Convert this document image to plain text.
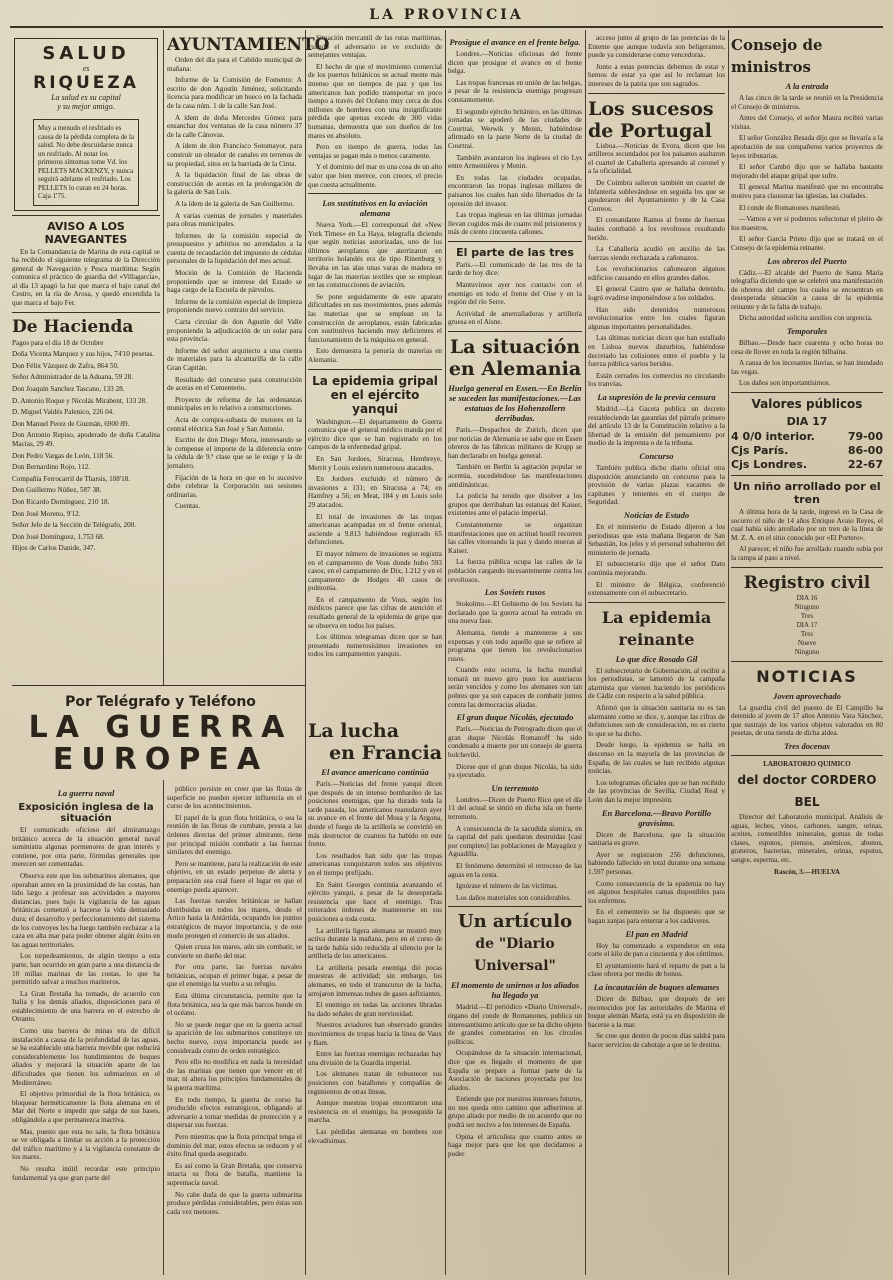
LA PROVINCIA
SALUD
es
RIQUEZA
La salud es su capital
y su mejor amigo.
Muy a menudo el resfriado es causa de la pérdida completa de la salud. No debe descuidarse nunca un resfriado. Al notar los primeros síntomas tome Vd. los PELLETS MACKENZY, y nunca seguirá adelante el resfriado. Los PELLETS lo curan en 24 horas. Caja 1'75.
AVISO A LOS NAVEGANTES

En la Comandancia de Marina de esta capital se ha recibido el siguiente telegrama de la Dirección general de Navegación y Pesca marítima: Según comunica el práctico de guardia del «Villagarcía», al día 13 apagó la luz que marca el bajo canal del Cestro, en la ría de Arosa, y quedó encendida la que marca el bajo Fer.

De Hacienda

Pagos para el día 18 de Octubre

Doña Vicenta Marquez y sus hijos, 74'10 pesetas.

Don Félix Vázquez de Zafra, 864 50.

Señor Administrador de la Aduana, 59 28.

Don Joaquín Sanchez Tascano, 133 28.

D. Antonio Roque y Nicolás Mirabent, 133 28.

D. Miguel Valdés Palenico, 226 04.

Don Manuel Perez de Guzmán, 6900 89.

Don Antonio Repiso, apoderado de doña Catalina Macías, 29 49.

Don Pedro Vargas de León, 118 56.

Don Bernardino Rojo, 112.

Compañía Ferrocarril de Tharsis, 108'18.

Don Guillermo Núñez, 587 38.

Don Ricardo Domínguez, 210 18.

Don José Moreno, 9'12.

Señor Jefe de la Sección de Telégrafo, 200.

Don José Domínguez, 1.753 68.

Hijos de Carlos Danide, 347.

AYUNTAMIENTO

Orden del día para el Cabildo municipal de mañana:

Informe de la Comisión de Fomento: A escrito de don Agustín Jiménez, solicitando licencia para modificar un hueco en la fachada de la casa núm. 1 de la calle San José.

A ídem de doña Mercedes Gómez para ensanchar dos ventanas de la casa número 37 de la calle Cánovas.

A ídem de don Francisco Sotomayor, para construir un obrador de canales en terrenos de su propiedad, sitos en la barriada de la Cinta.

A la liquidación final de las obras de construcción de aceras en la prolongación de la galería de San Luis.

A la ídem de la galería de San Guillermo.

A varias cuentas de jornales y materiales para obras municipales.

Informes de la comisión especial de presupuestos y arbitrios no arrendados a la cuenta de recaudación del impuesto de cédulas personales de la liquidación del mes actual.

Moción de la Comisión de Hacienda proponiendo que se interese del Estado se haga cargo de la Escuela de párvulos.

Informe de la comisión especial de limpieza proponiendo nuevo contrato del servicio.

Carta circular de don Agustín del Valle proponiendo la adjudicación de un solar para esta provincia.

Informe del señor arquitecto a una cuenta de materiales para la alcantarilla de la calle Gran Capitán.

Resultado del concurso para construcción de aceras en el Cementerio.

Proyecto de reforma de las ordenanzas municipales en lo relativo a construcciones.

Acta de compra-subasta de motores en la central eléctrica San José y San Antonio.

Escrito de don Diego Mora, interesando se le compense el importe de la diferencia entre la cédula de 9.ª clase que se le exige y la de jornalero.

Fijación de la hora en que en lo sucesivo debe celebrar la Corporación sus sesiones ordinarias.

Cuentas.

Por Telégrafo y Teléfono
LA GUERRA
EUROPEA
La guerra naval
Exposición inglesa de la situación

El comunicado oficioso del almirantazgo británico acerca de la situación general naval suministra algunas pormenores de gran interés y contiene, por otra parte, fórmulas generales que merecen ser comentadas.

Observa este que los submarinos alemanes, que operaban antes en la proximidad de las costas, han tido largo a profesar sus actividades a mayores distancias, pues bajo la vigilancia de las aguas británicas comenzó a hacerse la vida demasiado dura; el desarrollo y perfeccionamiento del sistema de los convoyes les ha luego también rechazar a la caza en alta mar para poder obtener algún éxito en las aguas territoriales.

Los torpedeamientos, de algún tiempo a esta parte, han ocurrido en gran parte a una distancia de 10 millas marinas de las costas, lo que ha permitido salvar a muchos marineros.

La Gran Bretaña ha tomado, de acuerdo con Italia y los demás aliados, disposiciones para el establecimiento de una barrera en el estrecho de Otranto.

Como una barrera de minas era de difícil instalación a causa de la profundidad de las aguas, se ha establecido una barrera movible que reducirá considerablemente los hundimientos de buques aliados y mejorará la situación aparte de las dificultades que tienen los submarinos en el Mediterráneo.

El objetivo primordial de la flota británica, es bloquear herméticamente la flota alemana en el Mar del Norte e impedir que salga de sus bases, obligándola a que permanezca inactiva.

Mas, puesto que esta no sale, la flota británica se ve obligada a limitar su acción a la protección del tráfico marítimo y a la vigilancia constante de los mares.

No resulta inútil recordar este principio fundamental ya que gran parte del

público persiste en creer que las flotas de superficie no pueden ejercer influencia en el curso de los acontecimientos.

El papel de la gran flota británica, o sea la reunión de las flotas de combate, presta a las órdenes directas del primer almirante, tiene por principal misión combatir a las fuerzas similares del enemigo.

Pero se mantiene, para la realización de este objetivo, en un estado perpetuo de alerta y preparación sea cual fuere el lugar en que el enemigo pueda aparecer.

Las fuerzas navales británicas se hallan distribuidas en todos los mares, desde el Ártico hasta la Antártida, ocupando los puntos estratégicos de mayor importancia, y de este modo protegen el comercio de sus aliados.

Quien cruza los mares, aún sin combatir, se convierte en dueño del mar.

Por otra parte, las fuerzas navales británicas, ocupan el primer lugar, a pesar de que el enemigo ha vuelto a su refugio.

Esta última circunstancia, permite que la flota británica, sea la que más barcos hunde en el océano.

No se puede negar que en la guerra actual la aparición de los submarinos constituye un hecho nuevo, cuya importancia puede ser considerada como de orden estratégico.

Pero ello no modifica en nada la necesidad de las marinas que tienen que vencer en el mar, ni altera los principios fundamentales de la guerra marítima.

En todo tiempo, la guerra de corso ha producido efectos estratégicos, obligando al adversario a tomar medidas de protección y a dispersar sus fuerzas.

Pero mientras que la flota principal tenga el dominio del mar, estos efectos se reducen y el éxito final queda asegurado.

Es así como la Gran Bretaña, que conserva intacta su flota de batalla, mantiene la supremacía naval.

No cabe duda de que la guerra submarina produce pérdidas considerables, pero éstas son cada vez menores.

Situación mercantil de las rutas marítimas, cuando el adversario se ve excluido de semejantes ventajas.

El hecho de que el movimiento comercial de los puertos británicos se actual mente más intenso que en tiempos de paz y que los americanos han podido transportar en poco tiempo a través del Océano muy cerca de dos millones de hombres con una insignificante pérdida que apenas excede de 300 vidas humanas, demuestra que son dueños de los mares en absoluto.

Pero en tiempo de guerra, todas las ventajas se pagan más o menos caramente.

Y el dominio del mar es una cosa de un alto valor que bien merece, con creces, el precio que cuesta actualmente.

Los sustitutivos en la aviación alemana

Nueva York.—El corresponsal del «New York Times» en La Haya, telegrafía diciendo que según noticias autorizadas, uno de los últimos aeroplanos que aterrizaron en territorio holandés era de tipo Rinenburg y llevaba en las alas unas varas de madera en lugar de las materias textiles que se emplean en las construcciones de aviación.

Se pone seguidamente de este aparato dificultades en sus movimientos, pues además las materias que se emplean en la construcción de aeroplanos, están fabricadas con sustitutivos haciendo muy deficientes el funcionamiento de la máquina en general.

Esto demuestra la penuria de materias en Alemania.

La epidemia gripal en el ejército yanqui

Washington.—El departamento de Guerra comunica que el general médico manda por el ejército dice que se han registrado en los campos de la enfermedad gripal.

En San Jordoes, Siracusa, Hembreye, Merrit y Louis existen numerosos atacados.

En Jordoes excluido el número de invasiones a 131; en Siracusa a 74; en Hamfrey a 56; en Meat, 184 y en Louis solo 29 atacados.

El total de invasiones de las tropas americanas acampadas en el frente oriental, asciende a 9.813 habiéndose registrado 65 defunciones.

El mayor número de invasiones se registra en el campamento de Vous donde hubo 593 casos; en el campamento de Dix, 1.212 y en el campamento de Hodges 40 casos de pulmonía.

En el campamento de Vous, según los médicos parece que las cifras de atención el resultado general de la epidemia de gripe que se observa en todos los países.

Los últimos telegramas dicen que se han presentado numerosísimos invasiones en todos los campamentos yanquis.

La lucha
en Francia
El avance americano continúa

París.—Noticias del frente yanqui dicen que después de un intenso bombardeo de las posiciones enemigas, que ha durado toda la tarde pasada, los americanos reanudaron ayer su avance en el frente del Mosa y la Argona, donde el fuego de la artillería se convirtió en más destructor de cuantos ha habido en este frente.

Los resultados han sido que las tropas americanas conquistaron todos sus objetivos en el tiempo prefijado.

En Saint Georges continúa avanzando el ejército yanqui, a pesar de la desesperada resistencia que hace el enemigo. Tras reiterados órdenes de mantenerse en sus posiciones a toda costa.

La artillería ligera alemana se mostró muy activa durante la mañana, pero en el curso de la tarde había sido reducida al silencio por la artillería de los americanos.

La artillería pesada enemiga dió pocas muestras de actividad; sin embargo, los alemanes, en todo el transcurso de la lucha, arrojaron inmensas nubes de gases asfixiantes.

El enemigo en todas las acciones libradas ha dado señales de gran nerviosidad.

Nuestros aviadores han observado grandes movimientos de tropas hacia la línea de Vaux y Bam.

Entre las fuerzas enemigas rechazadas hay una división de la Guardia imperial.

Los alemanes tratan de robustecer sus posiciones con batallones y compañías de regimientos de otras líneas.

Aunque nuestras tropas encontraron una resistencia en el enemigo, ha proseguido la marcha.

Las pérdidas alemanas en hombres son elevadísimas.

Prosigue el avance en el frente belga.

Londres.—Noticias oficiosas del frente dicen que prosigue el avance en el frente belga.

Las tropas francesas en unión de las belgas, a pesar de la resistencia enemiga progresan constantemente.

El segundo ejército británico, en las últimas jornadas se apoderó de las ciudades de Courtrai, Werwik y Menin, habiéndose afirmado en la parte Norte de la ciudad de Courtrai.

También avanzaron los ingleses el río Lys entre Armentières y Menin.

En todas las ciudades ocupadas, encontraron las tropas inglesas millares de paisanos los cuales han sido libertados de la opresión del invasor.

Las tropas inglesas en las últimas jornadas llevan cogidos más de cuatro mil prisioneros y más de ciento cincuenta cañones.

El parte de las tres

París.—El comunicado de las tres de la tarde de hoy dice:

Mantuvimos ayer nos contacto con el enemigo en todo el frente del Oise y en la región del río Serre.

Actividad de ametralladoras y artillería gruesa en el Aisne.

La situación en Alemania
Huelga general en Essen.—En Berlín se suceden las manifestaciones.—Las estatuas de los Hohenzollern derribadas.

París.—Despachos de Zurich, dicen que por noticias de Alemania se sabe que en Essen obreros de las fábricas militares de Krupp se han declarado en huelga general.

También en Berlín la agitación popular se acentúa, sucediéndose las manifestaciones antidinásticas.

La policía ha tenido que disolver a los grupos que derribaban las estatuas del Kaiser, existentes ante el palacio imperial.

Constantemente se organizan manifestaciones que en actitud hostil recorren las calles vitoreando la paz y dando mueras al Kaiser.

La fuerza pública ocupa las calles de la población cargando incesantemente contra los revoltosos.

Los Soviets rusos

Stokolmo.—El Gobierno de los Soviets ha declarado que la guerra actual ha entrado en una nueva fase.

Alemania, tiende a mantenerse a sus expensas y con todo aquello que se refiere al programa que tienen los revolucionarios rusos.

Cuando esto ocurra, la lucha mundial tomará un nuevo giro pues los austriacos serán vencidos y como los alemanes son tan pobres que ya son capaces de combatir juntos contra las democracias aliadas.

El gran duque Nicolás, ejecutado

París.—Noticias de Petrogrado dicen que el gran duque Nicolás Romanoff ha sido condenado a muerte por un consejo de guerra bolchevikí.

Dícese que el gran duque Nicolás, ha sido ya ejecutado.

Un terremoto

Londres.—Dicen de Puerto Rico que el día 11 del actual se sintió en dicha isla un fuerte terremoto.

A consecuencia de la sacudida sísmica, en la capital del país quedaron destruidas [casi por completo] las poblaciones de Mayagüez y Aguadilla.

El fenómeno determinó el retroceso de las aguas en la costa.

Ignórase el número de las víctimas.

Los daños materiales son considerables.

Un artículo
de "Diario Universal"
El momento de unirnos a los aliados ha llegado ya

Madrid.—El periódico «Diario Universal», órgano del conde de Romanones, publica un interesantísimo artículo que se ha dicho objeto de grandes comentarios en los círculos políticos.

Ocupándose de la situación internacional, dice que es llegado el momento de que España se prepare a formar parte de la Asociación de naciones proyectada por los aliados.

Entiende que por nuestros intereses futuros, no nos queda otro camino que adherirnos al grupo aliado por medio de un acuerdo que no podrá ser nocivo a los intereses de España.

Opina el articulista que cuanto antes se haga mejor para que los que decidamos a poder

acceso junto al grupo de las potencias de la Entente que aunque todavía son beligerantes, puede ya considerarse como vencedoras.

Junto a estas potencias debemos de estar y hemos de estar ya que así lo reclaman los intereses de la patria que son sagrados.

Los sucesos de Portugal

Lisboa.—Noticias de Evora, dicen que los artilleros secundados por los paisanos asaltaron el cuartel de Caballería apresando al coronel y a la oficialidad.

De Coimbra salieron también un cuartel de Infantería sublevándose en seguida los que se apoderaron del Ayuntamiento y de la Casa Correos.

El comandante Ramos al frente de fuerzas leales combatió a los revoltosos resultando herido.

La Caballería acudió en auxilio de las fuerzas siendo rechazada a cañonazos.

Los revolucionarios cañonearon algunos edificios causando en ellos grandes daños.

El general Castro que se hallaba detenido, logró evadirse imponiéndose a los soldados.

Han sido detenidos numerosos revolucionarios entre los cuales figuran algunas importantes personalidades.

Las últimas noticias dicen que han estallado en Lisboa nuevos disturbios, habiéndose decretado las colisiones entre el pueblo y la fuerza pública varios heridos.

Están cerrados los comercios no circulando los tranvías.

La supresión de la previa censura

Madrid.—La Gaceta publica un decreto restableciendo las garantías del párrafo primero del artículo 13 de la Constitución relativo a la libertad de la emisión del pensamiento por medio de la imprenta o de la tribuna.

Concurso

También publica dicho diario oficial otra disposición anunciando un concurso para la provisión de varias plazas vacantes de capitanes y tenientes en el cuerpo de Seguridad.

Noticias de Estado

En el ministerio de Estado dijeron a los periodistas que esta mañana llegaron de San Sebastián, los jefes y el personal subalterno del ministerio de jornada.

El subsecretario dijo que el señor Dato continúa mejorando.

El ministro de Bélgica, conferenció extensamente con el subsecretario.

La epidemia reinante
Lo que dice Rosado Gil

El subsecretario de Gobernación, al recibir a los periodistas, se lamentó de la campaña alarmista que vienen haciendo los periódicos de Cádiz con respecto a la salud pública.

Afirmó que la situación sanitaria no es tan alarmante como se dice, y, aunque las cifras de defunciones son de consideración, no es cierto lo que se ha dicho.

Desde luego, la epidemia se halla en descenso en la mayoría de las provincias de España, de las cuales se han recibido algunas noticias.

Los telegramas oficiales que se han recibido de las provincias de Sevilla, Ciudad Real y León dan la mejor impresión.

En Barcelona.—Bravo Portillo gravísimo.

Dicen de Barcelona, que la situación sanitaria es grave.

Ayer se registraron 256 defunciones, habiendo fallecido en total durante una semana 1.597 personas.

Como consecuencia de la epidemia no hay en algunos hospitales camas disponibles para los enfermos.

En el cementerio se ha dispuesto que se hagan zanjas para enterrar a los cadáveres.

El pan en Madrid

Hoy ha comenzado a expenderse en esta corte el kilo de pan a cincuenta y dos céntimos.

El ayuntamiento hará el reparto de pan a la clase obrera por medio de bonos.

La incautación de buques alemanes

Dicen de Bilbao, que después de ser reconocidos por las autoridades de Marina el buque alemán Marta, está ya en disposición de hacerse a la mar.

Se cree que dentro de pocos días saldrá para hacer servicios de cabotaje a que se le destina.

Consejo de ministros
A la entrada

A las cinco de la tarde se reunió en la Presidencia el Consejo de ministros.

Antes del Consejo, el señor Maura recibió varias visitas.

El señor González Besada dijo que se llevaría a la aprobación de sus compañeros varios proyectos de leyes tributarias.

El señor Cambó dijo que se hallaba bastante mejorado del ataque gripal que sufre.

El general Marina manifestó que no encontraba motivo para clausurar las iglesias, las ciudades.

El conde de Romanones manifestó.

—Vamos a ver si podemos solucionar el pleito de los maestros.

El señor García Prieto dijo que se tratará en el Consejo de la epidemia reinante.

Los obreros del Puerto

Cádiz.—El alcalde del Puerto de Santa María telegrafía diciendo que se celebró una manifestación de obreros del campo los cuales se encuentran en desesperada situación a causa de la epidemia reinante y de la falta de trabajo.

Dicha autoridad solicita auxilios con urgencia.

Temporales

Bilbao.—Desde hace cuarenta y ocho horas no cesa de llover en toda la región bilbaína.

A causa de los incesantes lluvias, se han inundado las vegas.

Los daños son importantísimos.

Valores públicos
DIA 17
4 0/0 interior.	79-00
Cjs París.	86-00
Cjs Londres.	22-67
Un niño arrollado por el tren

A última hora de la tarde, ingresó en la Casa de socorro el niño de 14 años Enrique Avaio Reyes, el cual había sido arrollado por un tren de la línea de M. Z. A. en el sitio conocido por «El Portero».

Al parecer, el niño fue arrollado cuando subía por la rampa al paso a nivel.

Registro civil
DIA 16
Ninguno
Tres
DIA 17
Tres
Nueve
Ninguno
NOTICIAS
Joven aprovechado

La guardia civil del puesto de El Campillo ha detenido al joven de 17 años Antonio Vara Sánchez, que sustrajo de los varios objetos valorados en 80 pesetas, de una tienda de dicha aldea.

Tres docenas
LABORATORIO QUIMICO
del doctor CORDERO BEL

Director del Laboratorio municipal. Análisis de aguas, leches, vinos, carbones, sangre, orinas, aceites, comestibles minerales, gomas de todas clases, esputos, piensos, anémicos, abonos, graneros, bacterias, minerales, orinas, esputos, sangre, esperma, etc.

Rascón, 3.—HUELVA
